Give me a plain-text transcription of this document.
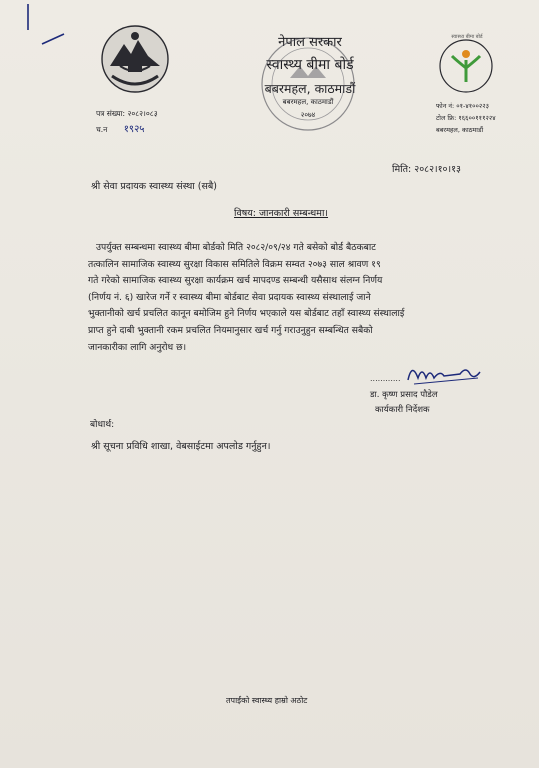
नेपाल सरकार
स्वास्थ्य बीमा बोर्ड
बबरमहल, काठमाडौं
बबरमहल, काठमाडौं
२०७४
स्वास्थ्य बीमा बोर्ड
पत्र संख्या: २०८२।०८३
च.न १९२५
फोन नं: ०१-४१००२२३
टोल फ्रि: १६६००१११२२४
बबरमहल, काठमाडौं
मिति: २०८२।१०।१३
श्री सेवा प्रदायक स्वास्थ्य संस्था (सबै)
विषय: जानकारी सम्बन्धमा।
उपर्युक्त सम्बन्धमा स्वास्थ्य बीमा बोर्डको मिति २०८२/०९/२४ गते बसेको बोर्ड बैठकबाट
तत्कालिन सामाजिक स्वास्थ्य सुरक्षा विकास समितिले विक्रम सम्वत २०७३ साल श्रावण १९
गते गरेको सामाजिक स्वास्थ्य सुरक्षा कार्यक्रम खर्च मापदण्ड सम्बन्धी यसैसाथ संलग्न निर्णय
(निर्णय नं. ६) खारेज गर्ने र स्वास्थ्य बीमा बोर्डबाट सेवा प्रदायक स्वास्थ्य संस्थालाई जाने
भुक्तानीको खर्च प्रचलित कानून बमोजिम हुने निर्णय भएकाले यस बोर्डबाट तहाँ स्वास्थ्य संस्थालाई
प्राप्त हुने दाबी भुक्तानी रकम प्रचलित नियमानुसार खर्च गर्नु गराउनुहुन सम्बन्धित सबैको
जानकारीका लागि अनुरोध छ।
............
डा. कृष्ण प्रसाद पौडेल
कार्यकारी निर्देशक
बोधार्थ:
श्री सूचना प्रविधि शाखा, वेबसाईटमा अपलोड गर्नुहुन।
तपाईंको स्वास्थ्य हाम्रो अठोट
